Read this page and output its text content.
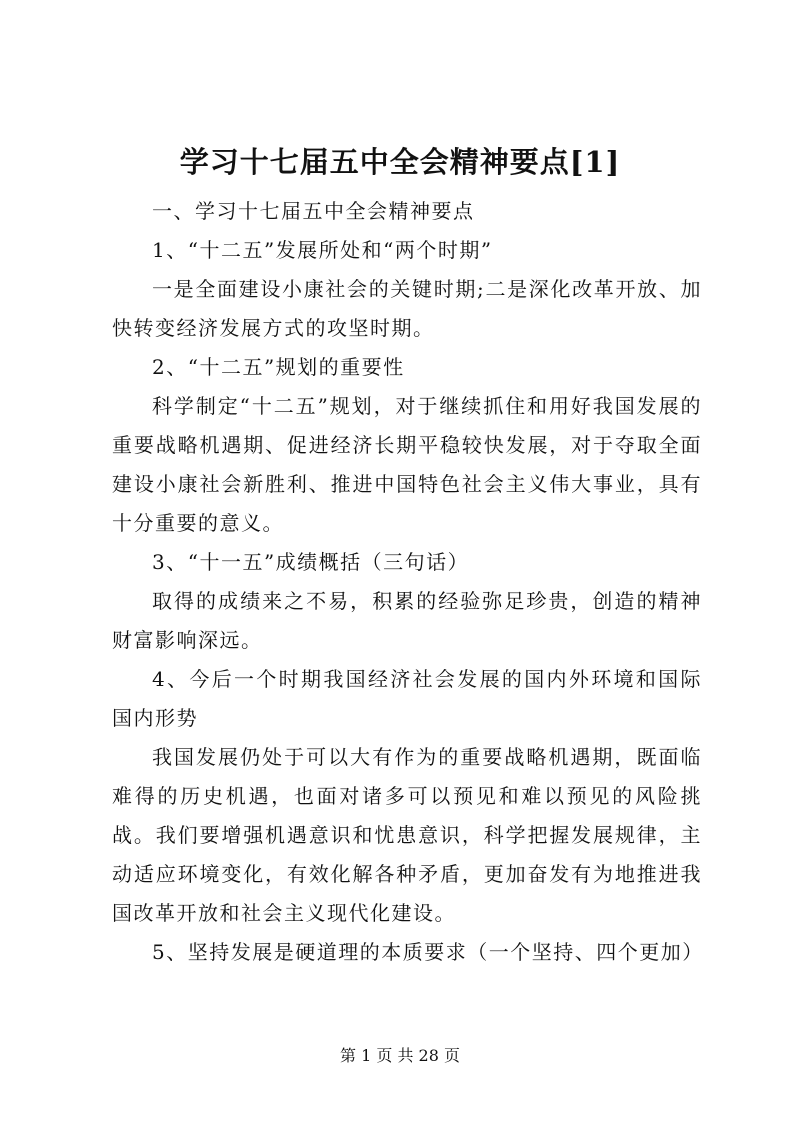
学习十七届五中全会精神要点[1]

一、学习十七届五中全会精神要点

1、“十二五”发展所处和“两个时期”

一是全面建设小康社会的关键时期;二是深化改革开放、加快转变经济发展方式的攻坚时期。

2、“十二五”规划的重要性

科学制定“十二五”规划，对于继续抓住和用好我国发展的重要战略机遇期、促进经济长期平稳较快发展，对于夺取全面建设小康社会新胜利、推进中国特色社会主义伟大事业，具有十分重要的意义。

3、“十一五”成绩概括（三句话）

取得的成绩来之不易，积累的经验弥足珍贵，创造的精神财富影响深远。

4、今后一个时期我国经济社会发展的国内外环境和国际国内形势

我国发展仍处于可以大有作为的重要战略机遇期，既面临难得的历史机遇，也面对诸多可以预见和难以预见的风险挑战。我们要增强机遇意识和忧患意识，科学把握发展规律，主动适应环境变化，有效化解各种矛盾，更加奋发有为地推进我国改革开放和社会主义现代化建设。

5、坚持发展是硬道理的本质要求（一个坚持、四个更加）

第 1 页 共 28 页
